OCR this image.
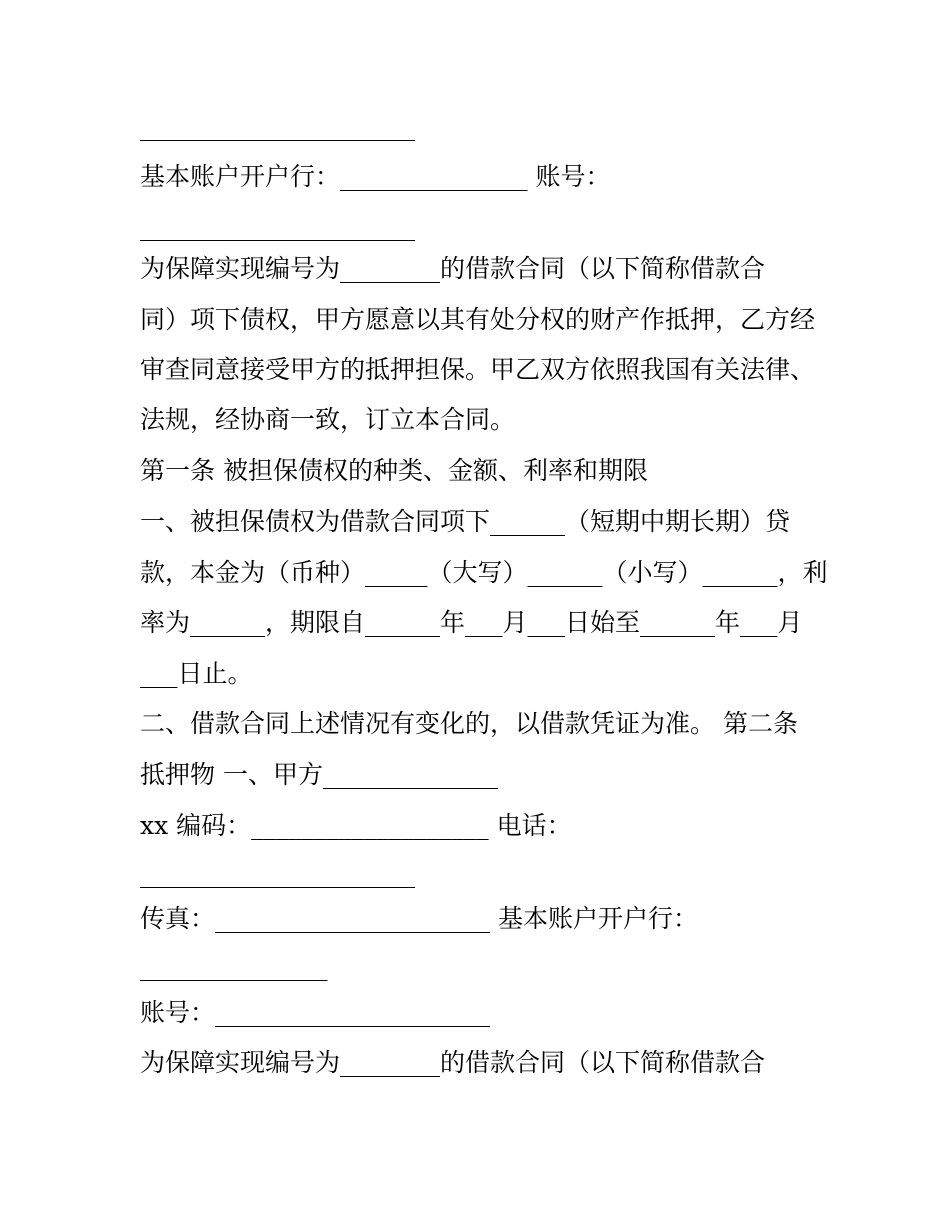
______________________
基本账户开户行：_______________ 账号：
______________________
为保障实现编号为________的借款合同（以下简称借款合
同）项下债权，甲方愿意以其有处分权的财产作抵押，乙方经
审查同意接受甲方的抵押担保。甲乙双方依照我国有关法律、
法规，经协商一致，订立本合同。
第一条 被担保债权的种类、金额、利率和期限
一、被担保债权为借款合同项下______（短期中期长期）贷
款，本金为（币种）_____（大写）______（小写）______，利
率为______，期限自______年___月___日始至______年___月
___日止。
二、借款合同上述情况有变化的，以借款凭证为准。 第二条
抵押物 一、甲方______________
xx 编码：___________________ 电话：
______________________
传真：______________________ 基本账户开户行：
_______________
账号：______________________
为保障实现编号为________的借款合同（以下简称借款合
